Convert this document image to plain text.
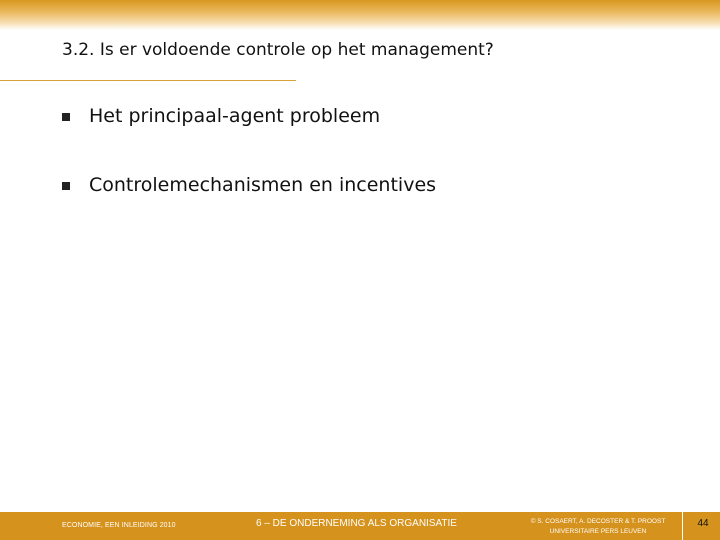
3.2. Is er voldoende controle op het management?
Het principaal-agent probleem
Controlemechanismen en incentives
ECONOMIE, EEN INLEIDING 2010	6 – DE ONDERNEMING ALS ORGANISATIE	© S. COSAERT, A. DECOSTER & T. PROOST
UNIVERSITAIRE PERS LEUVEN
44
